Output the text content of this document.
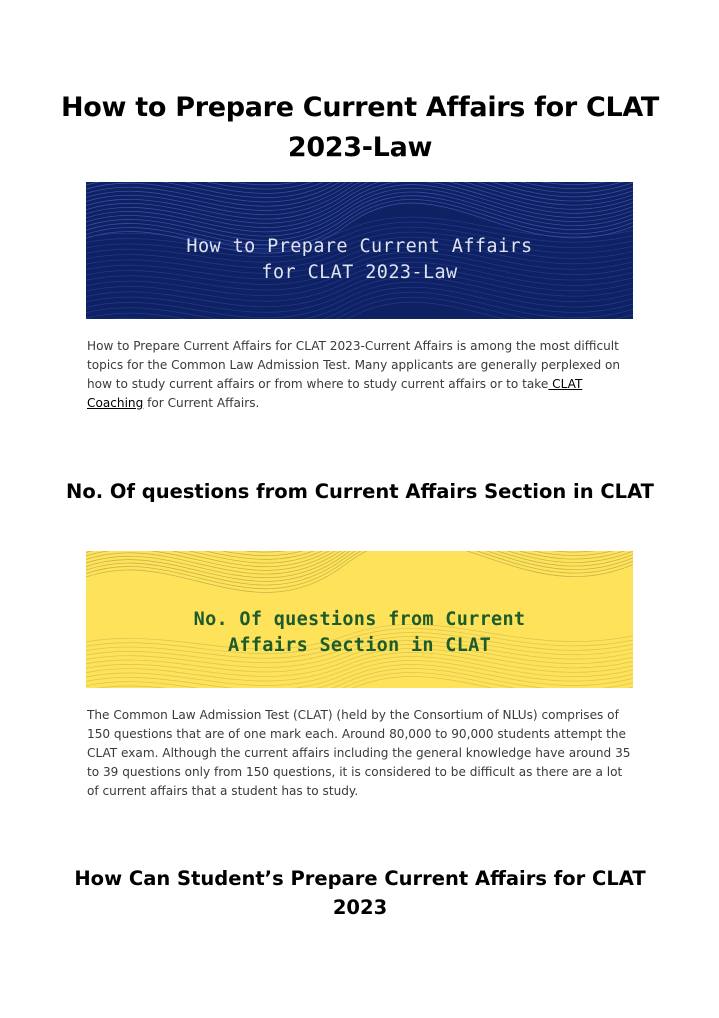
How to Prepare Current Affairs for CLAT 2023-Law
How to Prepare Current Affairs
for CLAT 2023-Law

How to Prepare Current Affairs for CLAT 2023-Current Affairs is among the most difficult topics for the Common Law Admission Test. Many applicants are generally perplexed on how to study current affairs or from where to study current affairs or to take CLAT Coaching for Current Affairs.

No. Of questions from Current Affairs Section in CLAT
No. Of questions from Current
Affairs Section in CLAT

The Common Law Admission Test (CLAT) (held by the Consortium of NLUs) comprises of 150 questions that are of one mark each. Around 80,000 to 90,000 students attempt the CLAT exam. Although the current affairs including the general knowledge have around 35 to 39 questions only from 150 questions, it is considered to be difficult as there are a lot of current affairs that a student has to study.

How Can Student’s Prepare Current Affairs for CLAT 2023
